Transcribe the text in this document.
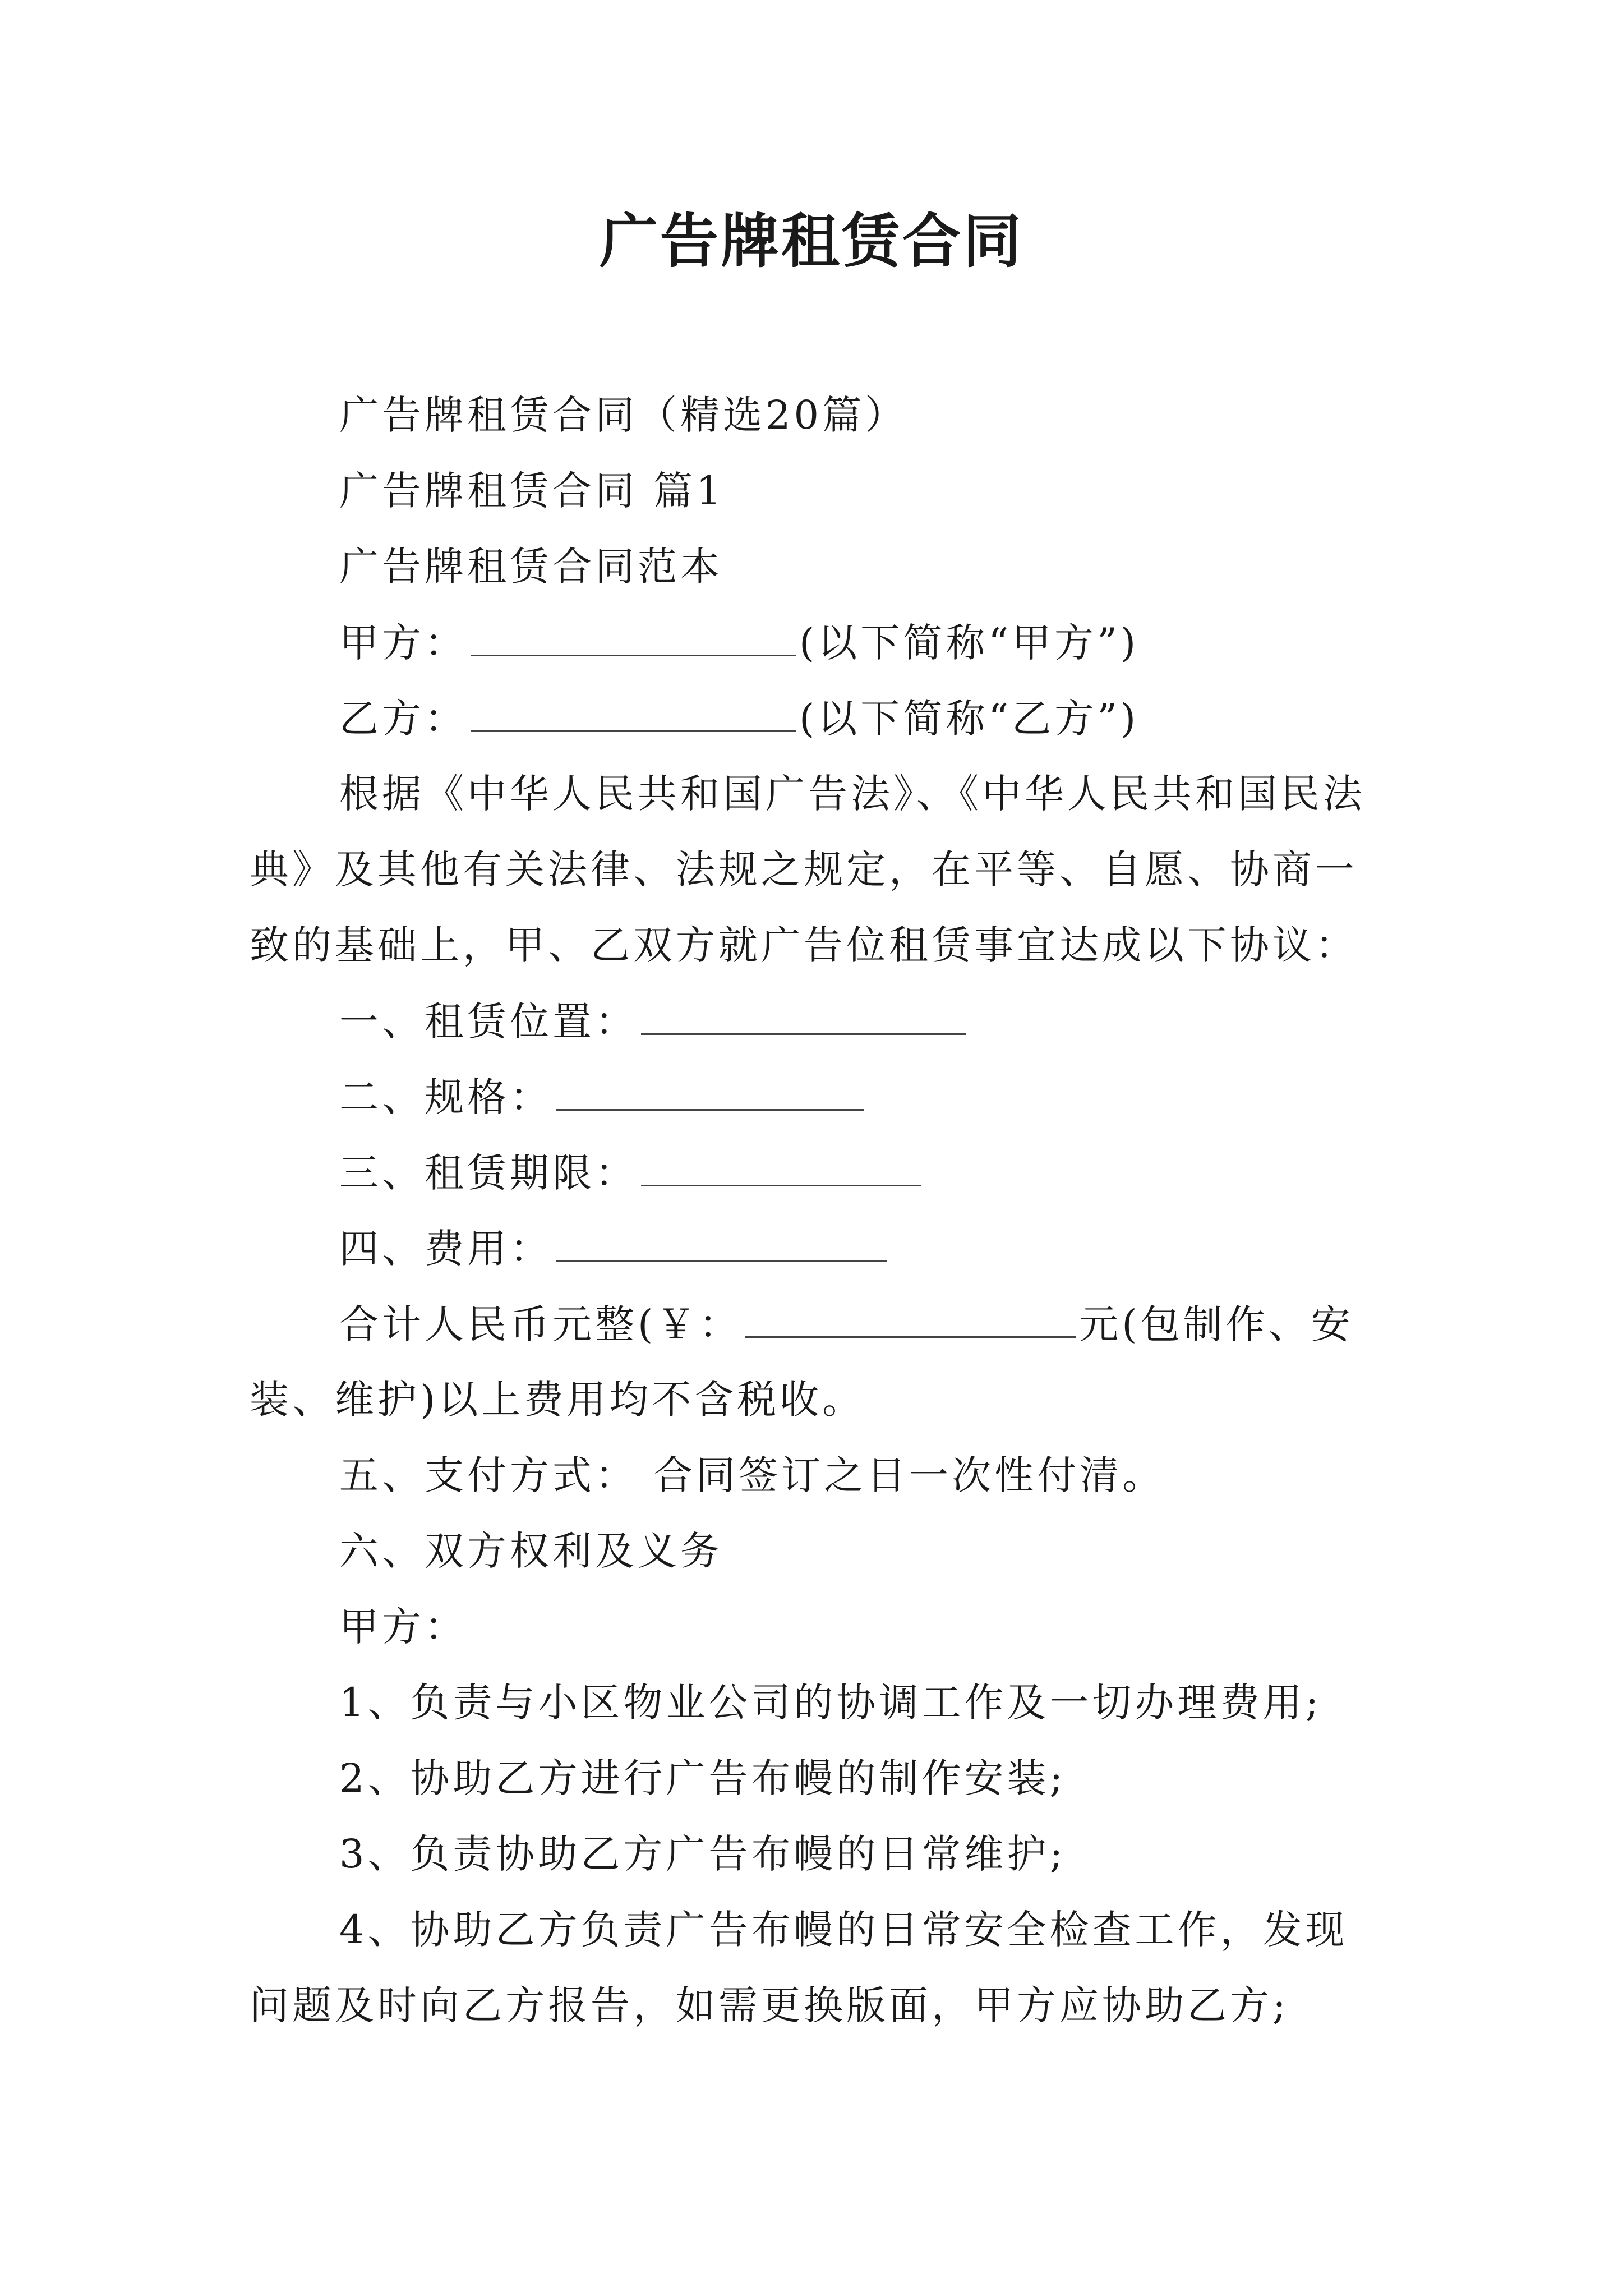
广告牌租赁合同
广告牌租赁合同（精选20篇）
广告牌租赁合同 篇1
广告牌租赁合同范本
甲方：	(以下简称“甲方”)
乙方：	(以下简称“乙方”)
根据《中华人民共和国广告法》、《中华人民共和国民法
典》及其他有关法律、法规之规定，在平等、自愿、协商一
致的基础上，甲、乙双方就广告位租赁事宜达成以下协议：
一、租赁位置：
二、规格：
三、租赁期限：
四、费用：
合计人民币元整(￥：	元(包制作、安
装、维护)以上费用均不含税收。
五、支付方式： 合同签订之日一次性付清。
六、双方权利及义务
甲方：
1、负责与小区物业公司的协调工作及一切办理费用;
2、协助乙方进行广告布幔的制作安装;
3、负责协助乙方广告布幔的日常维护;
4、协助乙方负责广告布幔的日常安全检查工作，发现
问题及时向乙方报告，如需更换版面，甲方应协助乙方;
